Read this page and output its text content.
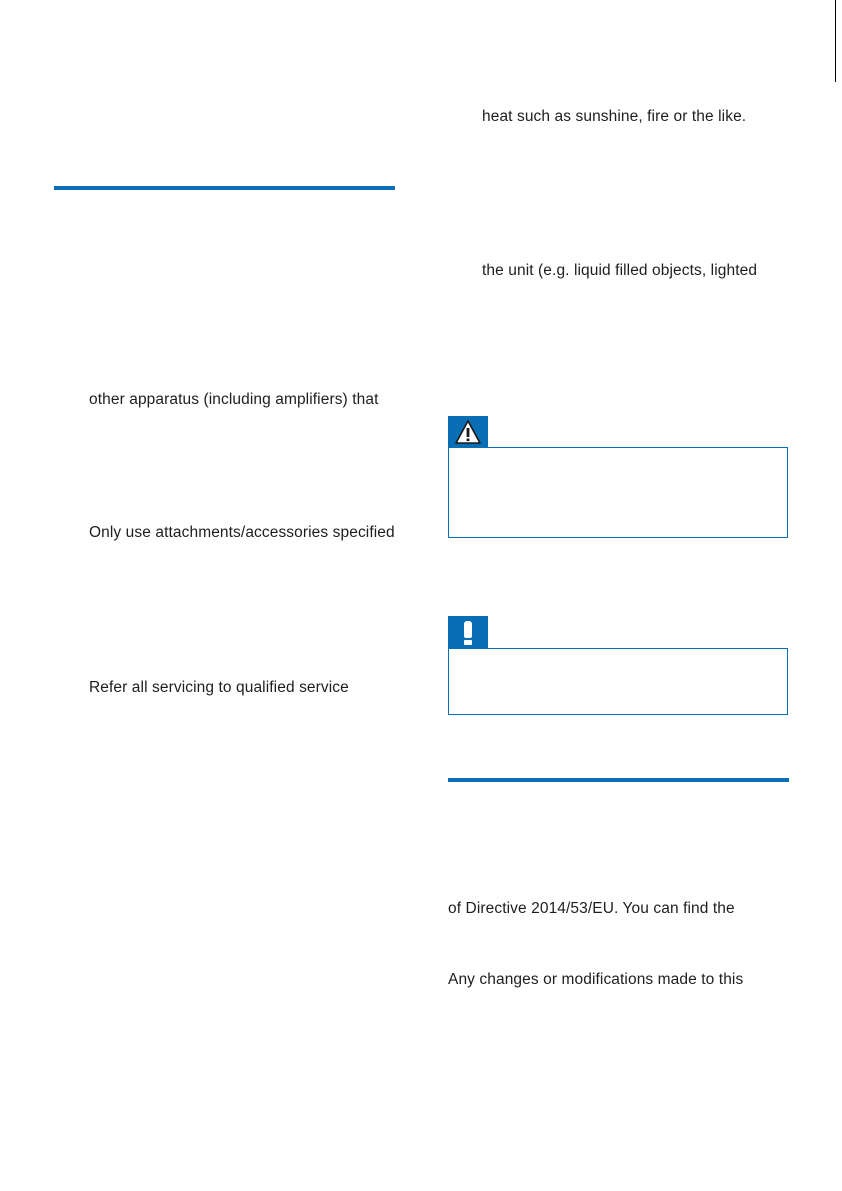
other apparatus (including amplifiers) that
Only use attachments/accessories specified
Refer all servicing to qualified service
heat such as sunshine, fire or the like.
the unit (e.g. liquid filled objects, lighted
of Directive 2014/53/EU. You can find the
Any changes or modifications made to this
